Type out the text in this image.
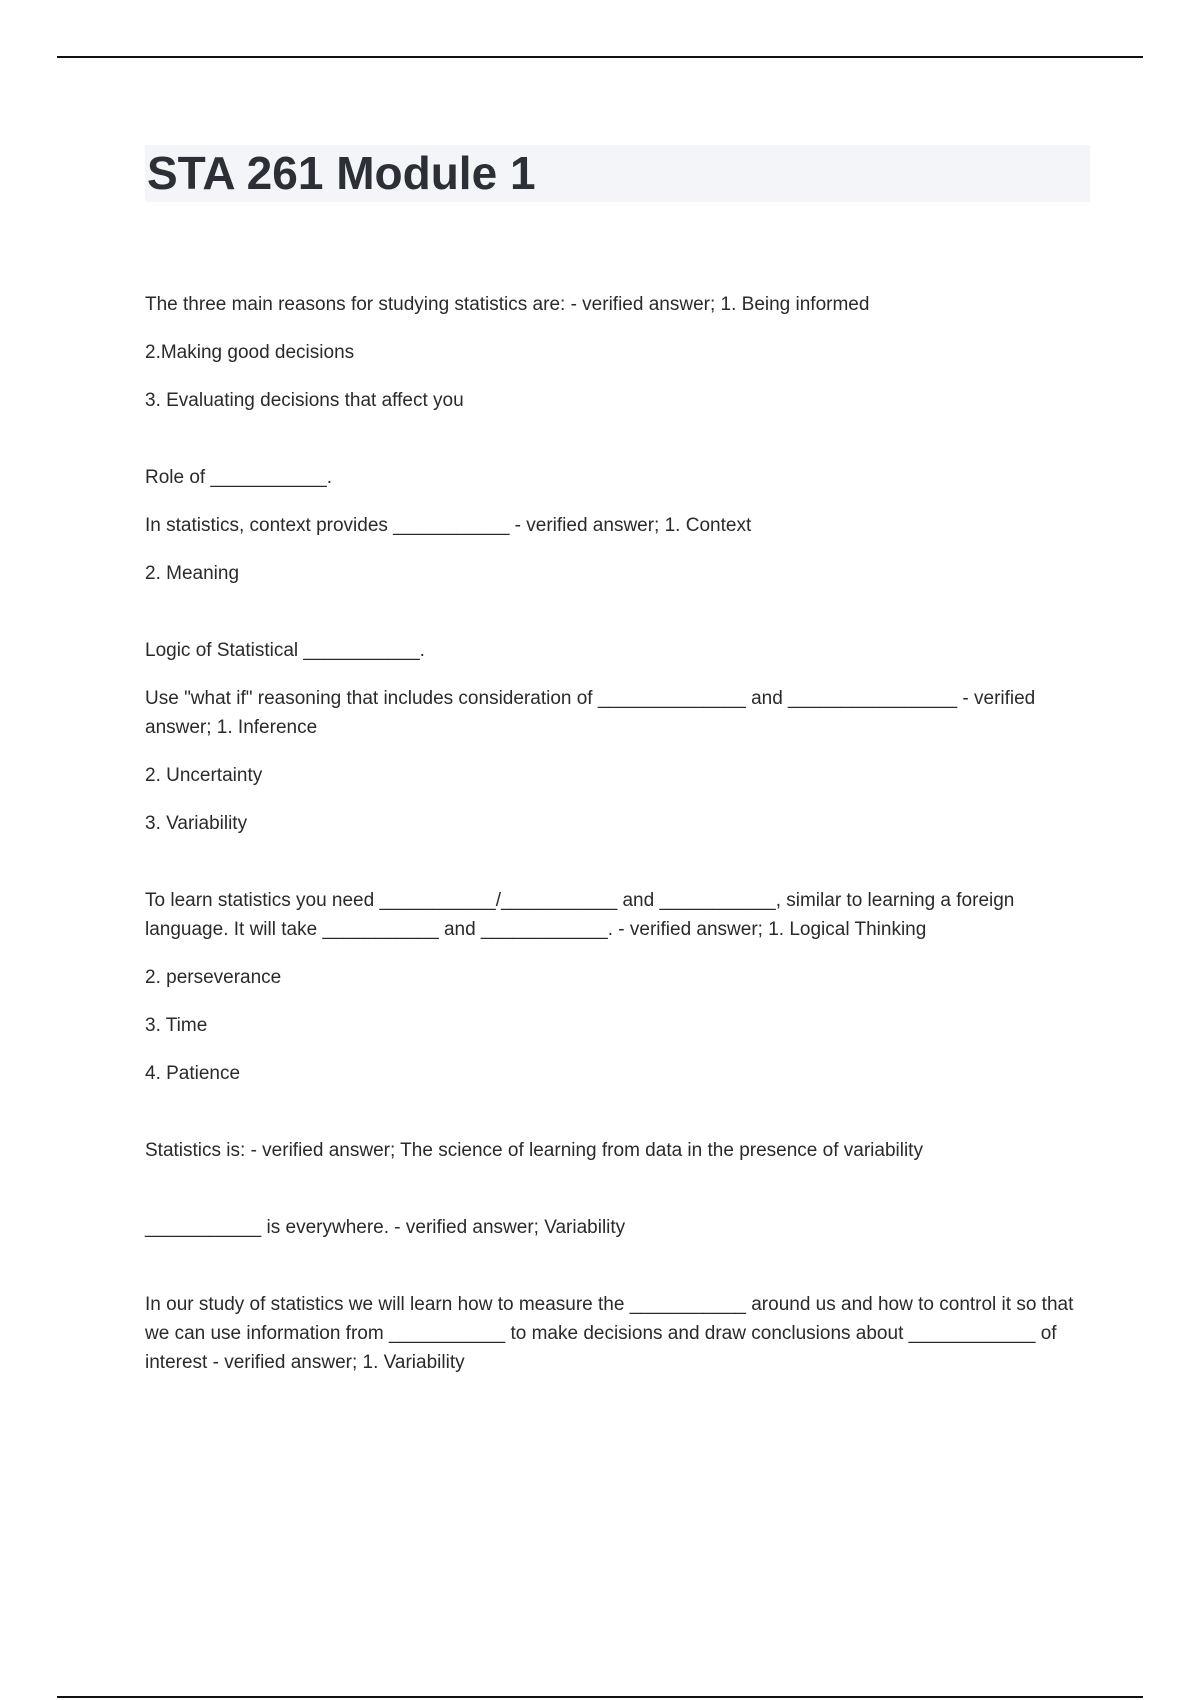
STA 261 Module 1

The three main reasons for studying statistics are: - verified answer; 1. Being informed

2.Making good decisions

3. Evaluating decisions that affect you

Role of ___________.

In statistics, context provides ___________ - verified answer; 1. Context

2. Meaning

Logic of Statistical ___________.

Use "what if" reasoning that includes consideration of ______________ and ________________ - verified answer; 1. Inference

2. Uncertainty

3. Variability

To learn statistics you need ___________/___________ and ___________, similar to learning a foreign language. It will take ___________ and ____________. - verified answer; 1. Logical Thinking

2. perseverance

3. Time

4. Patience

Statistics is: - verified answer; The science of learning from data in the presence of variability

___________ is everywhere. - verified answer; Variability

In our study of statistics we will learn how to measure the ___________ around us and how to control it so that we can use information from ___________ to make decisions and draw conclusions about ____________ of interest - verified answer; 1. Variability
